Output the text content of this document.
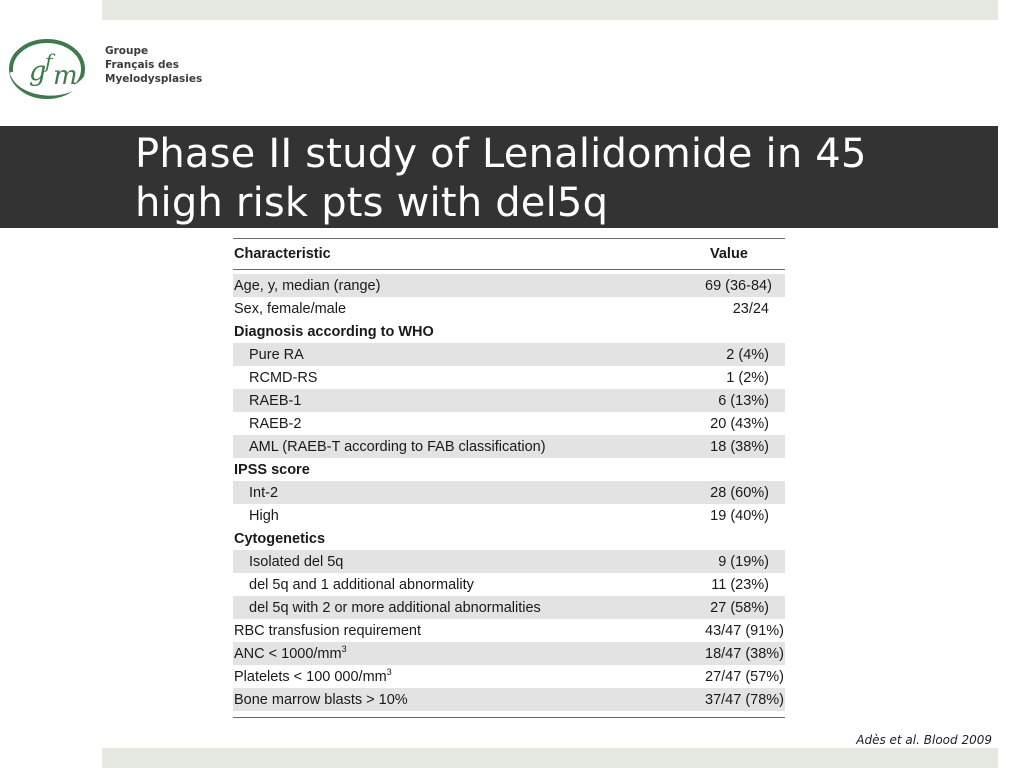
g
f m
Groupe
Français des
Myelodysplasies
Phase II study of Lenalidomide in 45
high risk pts with del5q
Characteristic	Value
Age, y, median (range)	69 (36-84)
Sex, female/male	23/24
Diagnosis according to WHO
Pure RA	2 (4%)
RCMD-RS	1 (2%)
RAEB-1	6 (13%)
RAEB-2	20 (43%)
AML (RAEB-T according to FAB classification)	18 (38%)
IPSS score
Int-2	28 (60%)
High	19 (40%)
Cytogenetics
Isolated del 5q	9 (19%)
del 5q and 1 additional abnormality	11 (23%)
del 5q with 2 or more additional abnormalities	27 (58%)
RBC transfusion requirement	43/47 (91%)
ANC < $1000/mm^3$	18/47 (38%)
Platelets < 100 $000/mm^3$	27/47 (57%)
Bone marrow blasts > 10%	37/47 (78%)
Adès et al. Blood 2009
